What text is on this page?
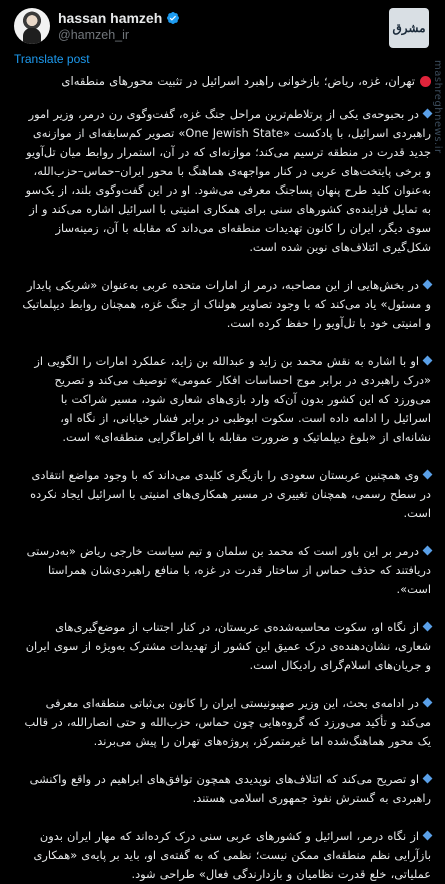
hassan hamzeh
@hamzeh_ir	مشرق
Translate post
تهران، غزه، ریاض؛ بازخوانی راهبرد اسرائیل در تثبیت محورهای منطقه‌ای

در بحبوحه‌ی یکی از پرتلاطم‌ترین مراحل جنگ غزه، گفت‌وگوی رن درمر، وزیر امور راهبردی اسرائیل، با پادکست «One Jewish State» تصویر کم‌سابقه‌ای از موازنه‌ی جدید قدرت در منطقه ترسیم می‌کند؛ موازنه‌ای که در آن، استمرار روابط میان تل‌آویو و برخی پایتخت‌های عربی در کنار مواجهه‌ی هماهنگ با محور ایران–حماس–حزب‌الله، به‌عنوان کلید طرح پنهان پساجنگ معرفی می‌شود. او در این گفت‌وگوی بلند، از یک‌سو به تمایل فزاینده‌ی کشورهای سنی برای همکاری امنیتی با اسرائیل اشاره می‌کند و از سوی دیگر، ایران را کانون تهدیدات منطقه‌ای می‌داند که مقابله با آن، زمینه‌ساز شکل‌گیری ائتلاف‌های نوین شده است.

در بخش‌هایی از این مصاحبه، درمر از امارات متحده عربی به‌عنوان «شریکی پایدار و مسئول» یاد می‌کند که با وجود تصاویر هولناک از جنگ غزه، همچنان روابط دیپلماتیک و امنیتی خود با تل‌آویو را حفظ کرده است.

او با اشاره به نقش محمد بن زاید و عبدالله بن زاید، عملکرد امارات را الگویی از «درک راهبردی در برابر موج احساسات افکار عمومی» توصیف می‌کند و تصریح می‌ورزد که این کشور بدون آن‌که وارد بازی‌های شعاری شود، مسیر شراکت با اسرائیل را ادامه داده است. سکوت ابوظبی در برابر فشار خیابانی، از نگاه او، نشانه‌ای از «بلوغ دیپلماتیک و ضرورت مقابله با افراط‌گرایی منطقه‌ای» است.

وی همچنین عربستان سعودی را بازیگری کلیدی می‌داند که با وجود مواضع انتقادی در سطح رسمی، همچنان تغییری در مسیر همکاری‌های امنیتی با اسرائیل ایجاد نکرده است.

درمر بر این باور است که محمد بن سلمان و تیم سیاست خارجی ریاض «به‌درستی دریافتند که حذف حماس از ساختار قدرت در غزه، با منافع راهبردی‌شان همراستا است».

از نگاه او، سکوت محاسبه‌شده‌ی عربستان، در کنار اجتناب از موضع‌گیری‌های شعاری، نشان‌دهنده‌ی درک عمیق این کشور از تهدیدات مشترک به‌ویژه از سوی ایران و جریان‌های اسلام‌گرای رادیکال است.

در ادامه‌ی بحث، این وزیر صهیونیستی ایران را کانون بی‌ثباتی منطقه‌ای معرفی می‌کند و تأکید می‌ورزد که گروه‌هایی چون حماس، حزب‌الله و حتی انصارالله، در قالب یک محور هماهنگ‌شده اما غیرمتمرکز، پروژه‌های تهران را پیش می‌برند.

او تصریح می‌کند که ائتلاف‌های نوپدیدی همچون توافق‌های ابراهیم در واقع واکنشی راهبردی به گسترش نفوذ جمهوری اسلامی هستند.

از نگاه درمر، اسرائیل و کشورهای عربی سنی درک کرده‌اند که مهار ایران بدون بازآرایی نظم منطقه‌ای ممکن نیست؛ نظمی که به گفته‌ی او، باید بر پایه‌ی «همکاری عملیاتی، خلع قدرت نظامیان و بازدارندگی فعال» طراحی شود.

mashreghnews.ir
